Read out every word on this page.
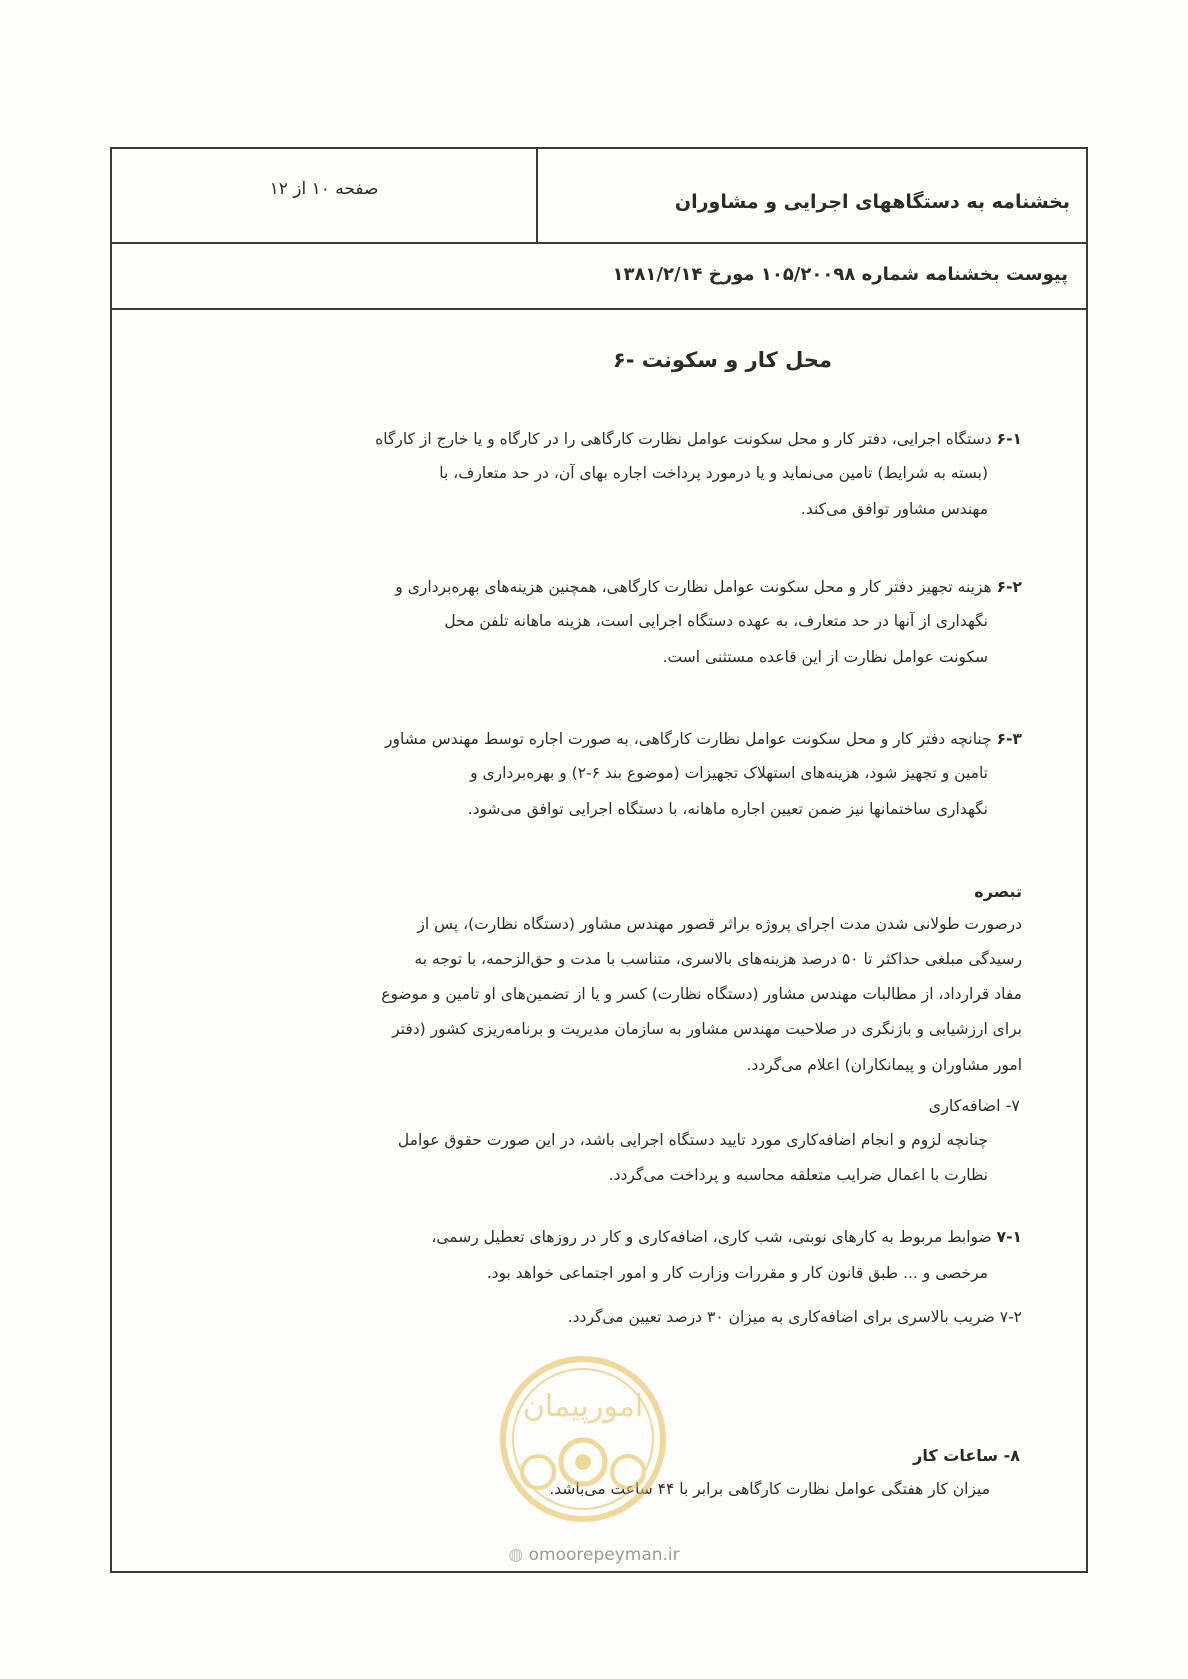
بخشنامه به دستگاههای اجرایی و مشاوران
صفحه ۱۰ از ۱۲
پیوست بخشنامه شماره ۱۰۵/۲۰۰۹۸ مورخ ۱۳۸۱/۲/۱۴
۶- محل کار و سکونت
۶-۱ دستگاه اجرایی، دفتر کار و محل سکونت عوامل نظارت کارگاهی را در کارگاه و یا خارج از کارگاه
(بسته به شرایط) تامین می‌نماید و یا درمورد پرداخت اجاره بهای آن، در حد متعارف، با
مهندس مشاور توافق می‌کند.
۶-۲ هزینه تجهیز دفتر کار و محل سکونت عوامل نظارت کارگاهی، همچنین هزینه‌های بهره‌برداری و
نگهداری از آنها در حد متعارف، به عهده دستگاه اجرایی است، هزینه ماهانه تلفن محل
سکونت عوامل نظارت از این قاعده مستثنی است.
۶-۳ چنانچه دفتر کار و محل سکونت عوامل نظارت کارگاهی، به صورت اجاره توسط مهندس مشاور
تامین و تجهیز شود، هزینه‌های استهلاک تجهیزات (موضوع بند ۶-۲) و بهره‌برداری و
نگهداری ساختمانها نیز ضمن تعیین اجاره ماهانه، با دستگاه اجرایی توافق می‌شود.
تبصره
درصورت طولانی شدن مدت اجرای پروژه براثر قصور مهندس مشاور (دستگاه نظارت)، پس از
رسیدگی مبلغی حداکثر تا ۵۰ درصد هزینه‌های بالاسری، متناسب با مدت و حق‌الزحمه، با توجه به
مفاد قرارداد، از مطالبات مهندس مشاور (دستگاه نظارت) کسر و یا از تضمین‌های او تامین و موضوع
برای ارزشیابی و بازنگری در صلاحیت مهندس مشاور به سازمان مدیریت و برنامه‌ریزی کشور (دفتر
امور مشاوران و پیمانکاران) اعلام می‌گردد.
۷- اضافه‌کاری
چنانچه لزوم و انجام اضافه‌کاری مورد تایید دستگاه اجرایی باشد، در این صورت حقوق عوامل
نظارت با اعمال ضرایب متعلقه محاسبه و پرداخت می‌گردد.
۷-۱ ضوابط مربوط به کارهای نوبتی، شب کاری، اضافه‌کاری و کار در روزهای تعطیل رسمی،
مرخصی و ... طبق قانون کار و مقررات وزارت کار و امور اجتماعی خواهد بود.
۷-۲ ضریب بالاسری برای اضافه‌کاری به میزان ۳۰ درصد تعیین می‌گردد.
۸- ساعات کار
میزان کار هفتگی عوامل نظارت کارگاهی برابر با ۴۴ ساعت می‌باشد.
امورپیمان
◍ omoorepeyman.ir
